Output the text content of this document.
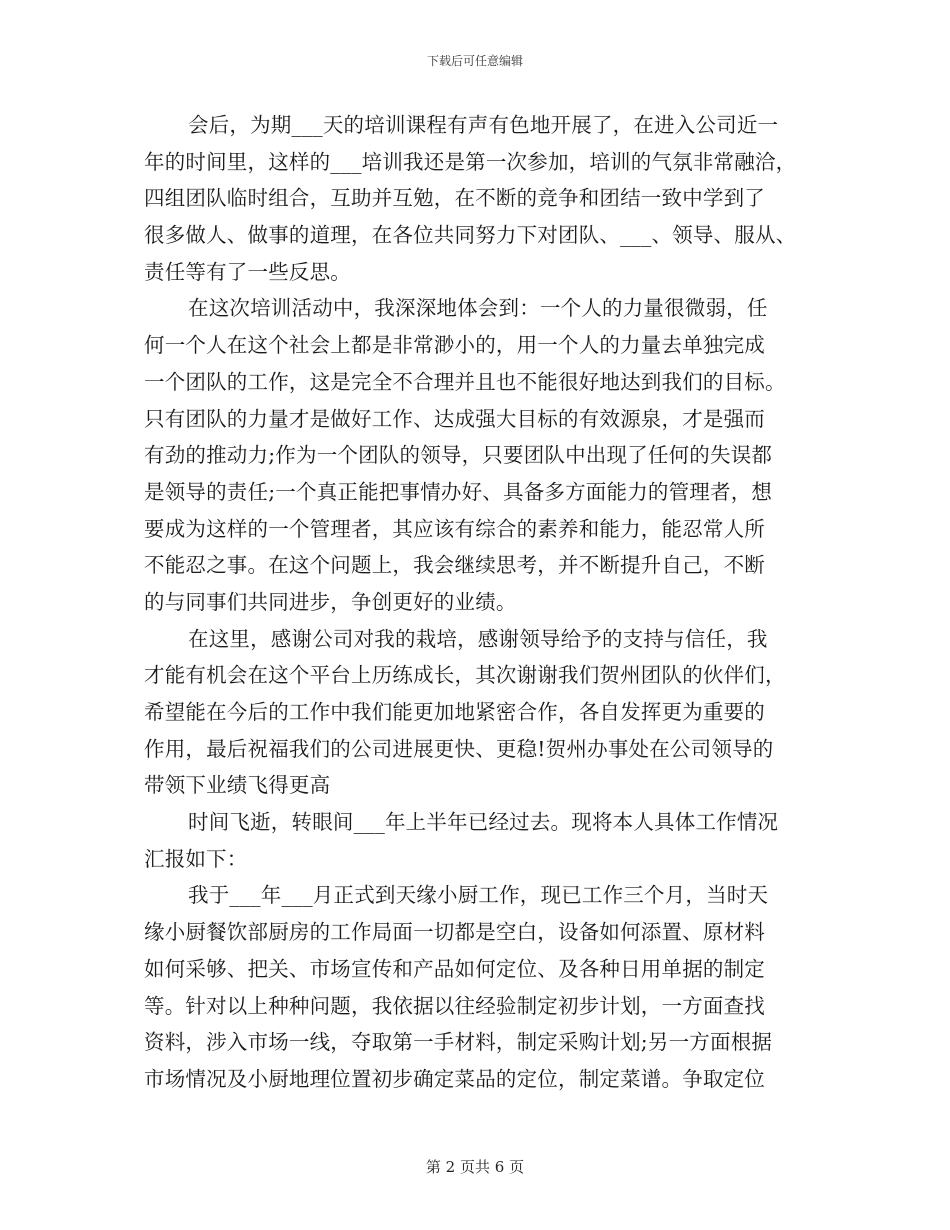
下载后可任意编辑
会后，为期___天的培训课程有声有色地开展了，在进入公司近一
年的时间里，这样的___培训我还是第一次参加，培训的气氛非常融洽，
四组团队临时组合，互助并互勉，在不断的竞争和团结一致中学到了
很多做人、做事的道理，在各位共同努力下对团队、___、领导、服从、
责任等有了一些反思。
在这次培训活动中，我深深地体会到：一个人的力量很微弱，任
何一个人在这个社会上都是非常渺小的，用一个人的力量去单独完成
一个团队的工作，这是完全不合理并且也不能很好地达到我们的目标。
只有团队的力量才是做好工作、达成强大目标的有效源泉，才是强而
有劲的推动力;作为一个团队的领导，只要团队中出现了任何的失误都
是领导的责任;一个真正能把事情办好、具备多方面能力的管理者，想
要成为这样的一个管理者，其应该有综合的素养和能力，能忍常人所
不能忍之事。在这个问题上，我会继续思考，并不断提升自己，不断
的与同事们共同进步，争创更好的业绩。
在这里，感谢公司对我的栽培，感谢领导给予的支持与信任，我
才能有机会在这个平台上历练成长，其次谢谢我们贺州团队的伙伴们，
希望能在今后的工作中我们能更加地紧密合作，各自发挥更为重要的
作用，最后祝福我们的公司进展更快、更稳!贺州办事处在公司领导的
带领下业绩飞得更高
时间飞逝，转眼间___年上半年已经过去。现将本人具体工作情况
汇报如下：
我于___年___月正式到天缘小厨工作，现已工作三个月，当时天
缘小厨餐饮部厨房的工作局面一切都是空白，设备如何添置、原材料
如何采够、把关、市场宣传和产品如何定位、及各种日用单据的制定
等。针对以上种种问题，我依据以往经验制定初步计划，一方面查找
资料，涉入市场一线，夺取第一手材料，制定采购计划;另一方面根据
市场情况及小厨地理位置初步确定菜品的定位，制定菜谱。争取定位
第 2 页共 6 页
